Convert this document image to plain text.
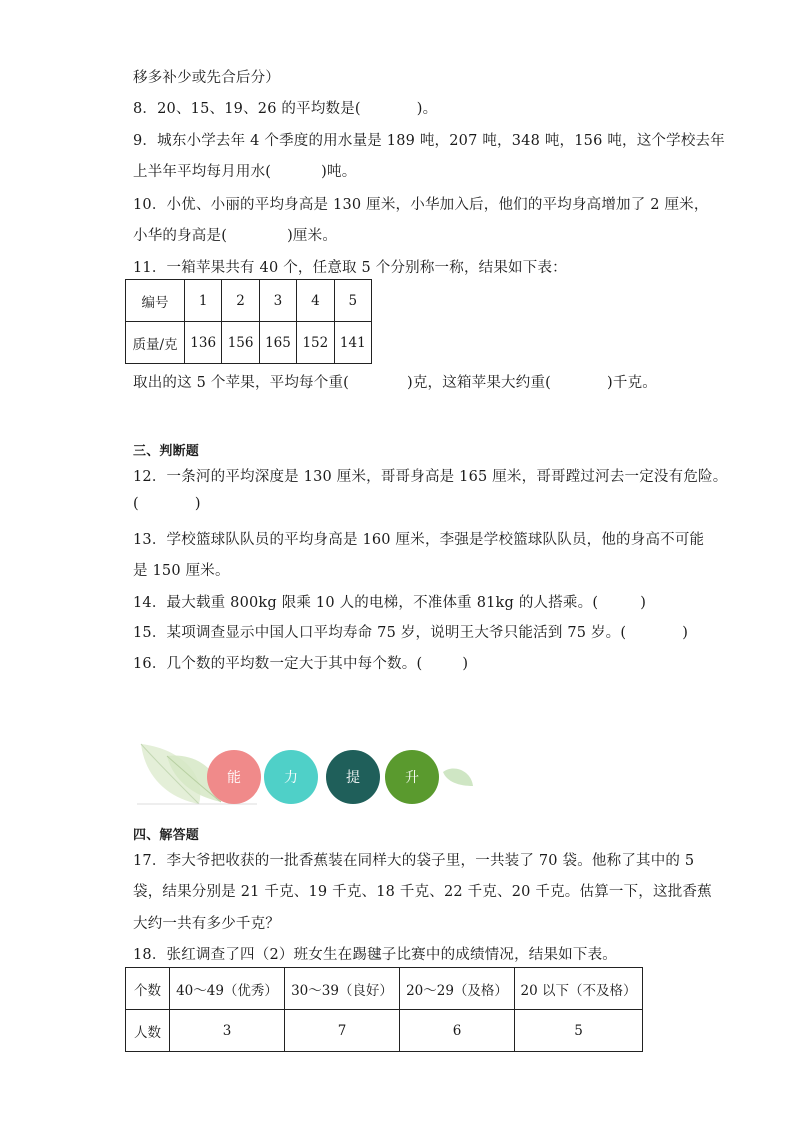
移多补少或先合后分）
8．20、15、19、26 的平均数是(	)。
9．城东小学去年 4 个季度的用水量是 189 吨，207 吨，348 吨，156 吨，这个学校去年
上半年平均每月用水(	)吨。
10．小优、小丽的平均身高是 130 厘米，小华加入后，他们的平均身高增加了 2 厘米，
小华的身高是(	)厘米。
11．一箱苹果共有 40 个，任意取 5 个分别称一称，结果如下表：
编号	1	2	3	4	5
质量/克	136	156	165	152	141
取出的这 5 个苹果，平均每个重(	)克，这箱苹果大约重(	)千克。
三、判断题
12．一条河的平均深度是 130 厘米，哥哥身高是 165 厘米，哥哥蹚过河去一定没有危险。
(	)
13．学校篮球队队员的平均身高是 160 厘米，李强是学校篮球队队员，他的身高不可能
是 150 厘米。
14．最大载重 800kg 限乘 10 人的电梯，不准体重 81kg 的人搭乘。(	)
15．某项调查显示中国人口平均寿命 75 岁，说明王大爷只能活到 75 岁。(	)
16．几个数的平均数一定大于其中每个数。(	)
能	力	提	升
四、解答题
17．李大爷把收获的一批香蕉装在同样大的袋子里，一共装了 70 袋。他称了其中的 5
袋，结果分别是 21 千克、19 千克、18 千克、22 千克、20 千克。估算一下，这批香蕉
大约一共有多少千克？
18．张红调查了四（2）班女生在踢毽子比赛中的成绩情况，结果如下表。
个数	40～49（优秀）	30～39（良好）	20～29（及格）	20 以下（不及格）
人数	3	7	6	5
